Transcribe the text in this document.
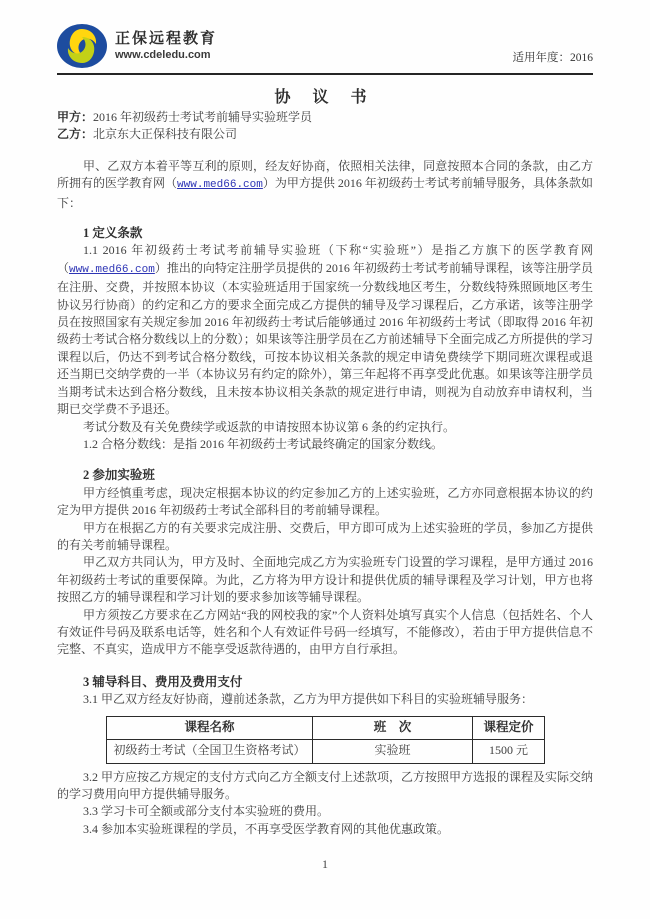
正保远程教育
www.cdeledu.com	适用年度：2016
协 议 书

甲方：2016 年初级药士考试考前辅导实验班学员

乙方：北京东大正保科技有限公司

甲、乙双方本着平等互利的原则，经友好协商，依照相关法律，同意按照本合同的条款，由乙方所拥有的医学教育网（www.med66.com）为甲方提供 2016 年初级药士考试考前辅导服务，具体条款如下：

1 定义条款

1.1 2016 年初级药士考试考前辅导实验班（下称“实验班”）是指乙方旗下的医学教育网（www.med66.com）推出的向特定注册学员提供的 2016 年初级药士考试考前辅导课程，该等注册学员在注册、交费，并按照本协议（本实验班适用于国家统一分数线地区考生，分数线特殊照顾地区考生协议另行协商）的约定和乙方的要求全面完成乙方提供的辅导及学习课程后，乙方承诺，该等注册学员在按照国家有关规定参加 2016 年初级药士考试后能够通过 2016 年初级药士考试（即取得 2016 年初级药士考试合格分数线以上的分数）；如果该等注册学员在乙方前述辅导下全面完成乙方所提供的学习课程以后，仍达不到考试合格分数线，可按本协议相关条款的规定申请免费续学下期同班次课程或退还当期已交纳学费的一半（本协议另有约定的除外），第三年起将不再享受此优惠。如果该等注册学员当期考试未达到合格分数线，且未按本协议相关条款的规定进行申请，则视为自动放弃申请权利，当期已交学费不予退还。

考试分数及有关免费续学或返款的申请按照本协议第 6 条的约定执行。

1.2 合格分数线：是指 2016 年初级药士考试最终确定的国家分数线。

2 参加实验班

甲方经慎重考虑，现决定根据本协议的约定参加乙方的上述实验班，乙方亦同意根据本协议的约定为甲方提供 2016 年初级药士考试全部科目的考前辅导课程。

甲方在根据乙方的有关要求完成注册、交费后，甲方即可成为上述实验班的学员，参加乙方提供的有关考前辅导课程。

甲乙双方共同认为，甲方及时、全面地完成乙方为实验班专门设置的学习课程，是甲方通过 2016 年初级药士考试的重要保障。为此，乙方将为甲方设计和提供优质的辅导课程及学习计划，甲方也将按照乙方的辅导课程和学习计划的要求参加该等辅导课程。

甲方须按乙方要求在乙方网站“我的网校我的家”个人资料处填写真实个人信息（包括姓名、个人有效证件号码及联系电话等，姓名和个人有效证件号码一经填写，不能修改），若由于甲方提供信息不完整、不真实，造成甲方不能享受返款待遇的，由甲方自行承担。

3 辅导科目、费用及费用支付

3.1 甲乙双方经友好协商，遵前述条款，乙方为甲方提供如下科目的实验班辅导服务：

课程名称	班　次	课程定价
初级药士考试（全国卫生资格考试）	实验班	1500 元

3.2 甲方应按乙方规定的支付方式向乙方全额支付上述款项，乙方按照甲方选报的课程及实际交纳的学习费用向甲方提供辅导服务。

3.3 学习卡可全额或部分支付本实验班的费用。

3.4 参加本实验班课程的学员，不再享受医学教育网的其他优惠政策。

1
